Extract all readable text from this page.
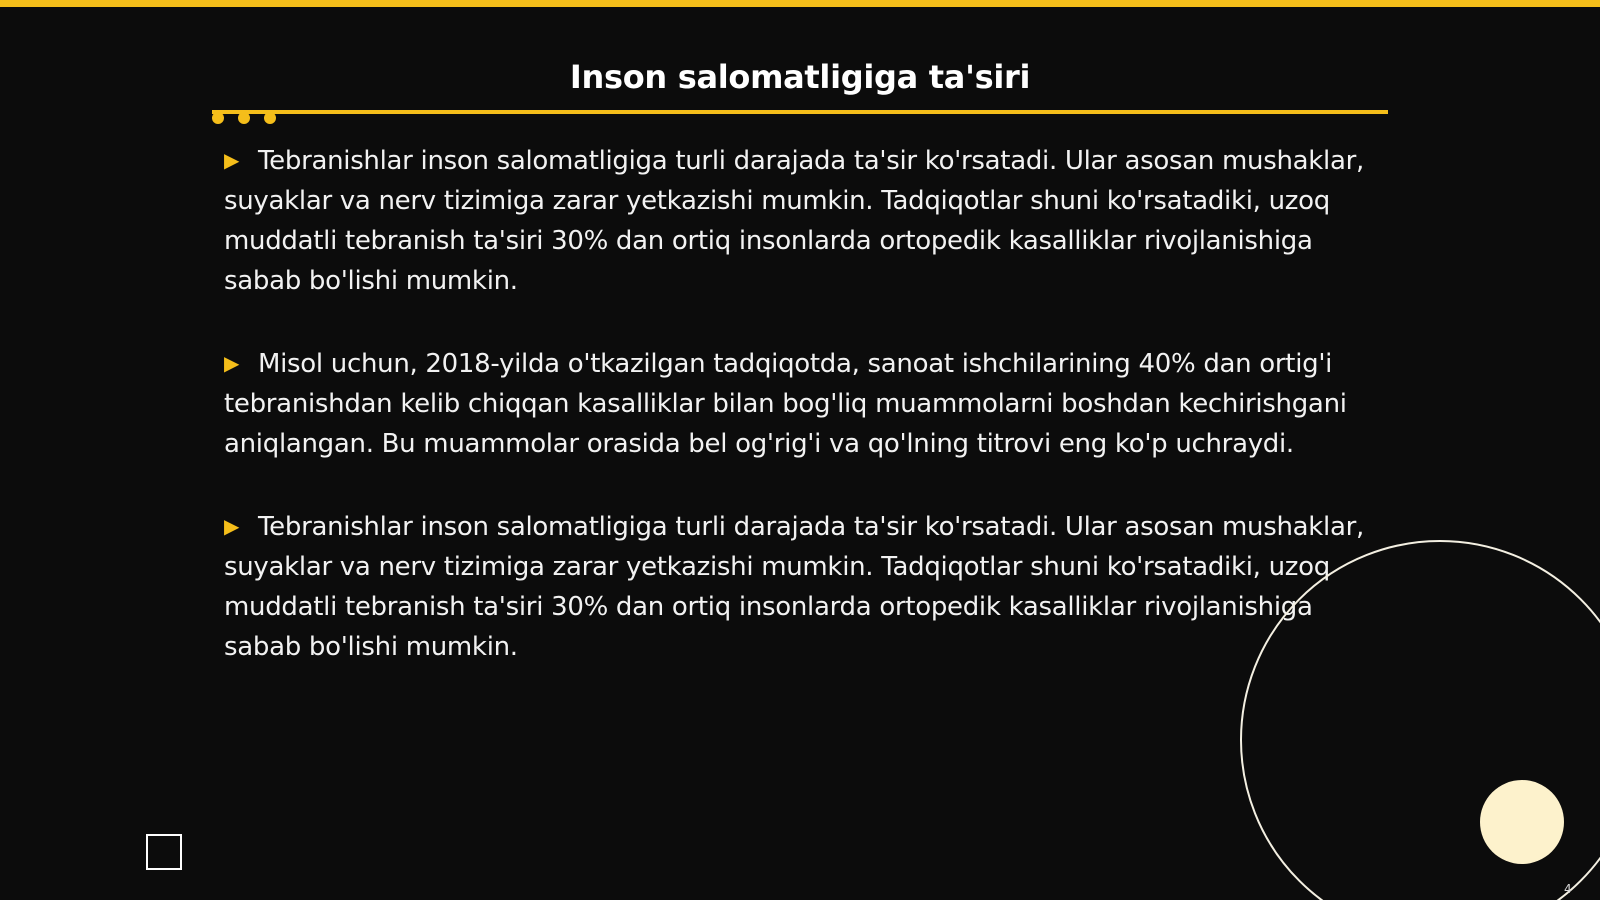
Inson salomatligiga ta'siri

▶ Tebranishlar inson salomatligiga turli darajada ta'sir ko'rsatadi. Ular asosan mushaklar, suyaklar va nerv tizimiga zarar yetkazishi mumkin. Tadqiqotlar shuni ko'rsatadiki, uzoq muddatli tebranish ta'siri 30% dan ortiq insonlarda ortopedik kasalliklar rivojlanishiga sabab bo'lishi mumkin.

▶ Misol uchun, 2018-yilda o'tkazilgan tadqiqotda, sanoat ishchilarining 40% dan ortig'i tebranishdan kelib chiqqan kasalliklar bilan bog'liq muammolarni boshdan kechirishgani aniqlangan. Bu muammolar orasida bel og'rig'i va qo'lning titrovi eng ko'p uchraydi.

▶ Tebranishlar inson salomatligiga turli darajada ta'sir ko'rsatadi. Ular asosan mushaklar, suyaklar va nerv tizimiga zarar yetkazishi mumkin. Tadqiqotlar shuni ko'rsatadiki, uzoq muddatli tebranish ta'siri 30% dan ortiq insonlarda ortopedik kasalliklar rivojlanishiga sabab bo'lishi mumkin.

4
